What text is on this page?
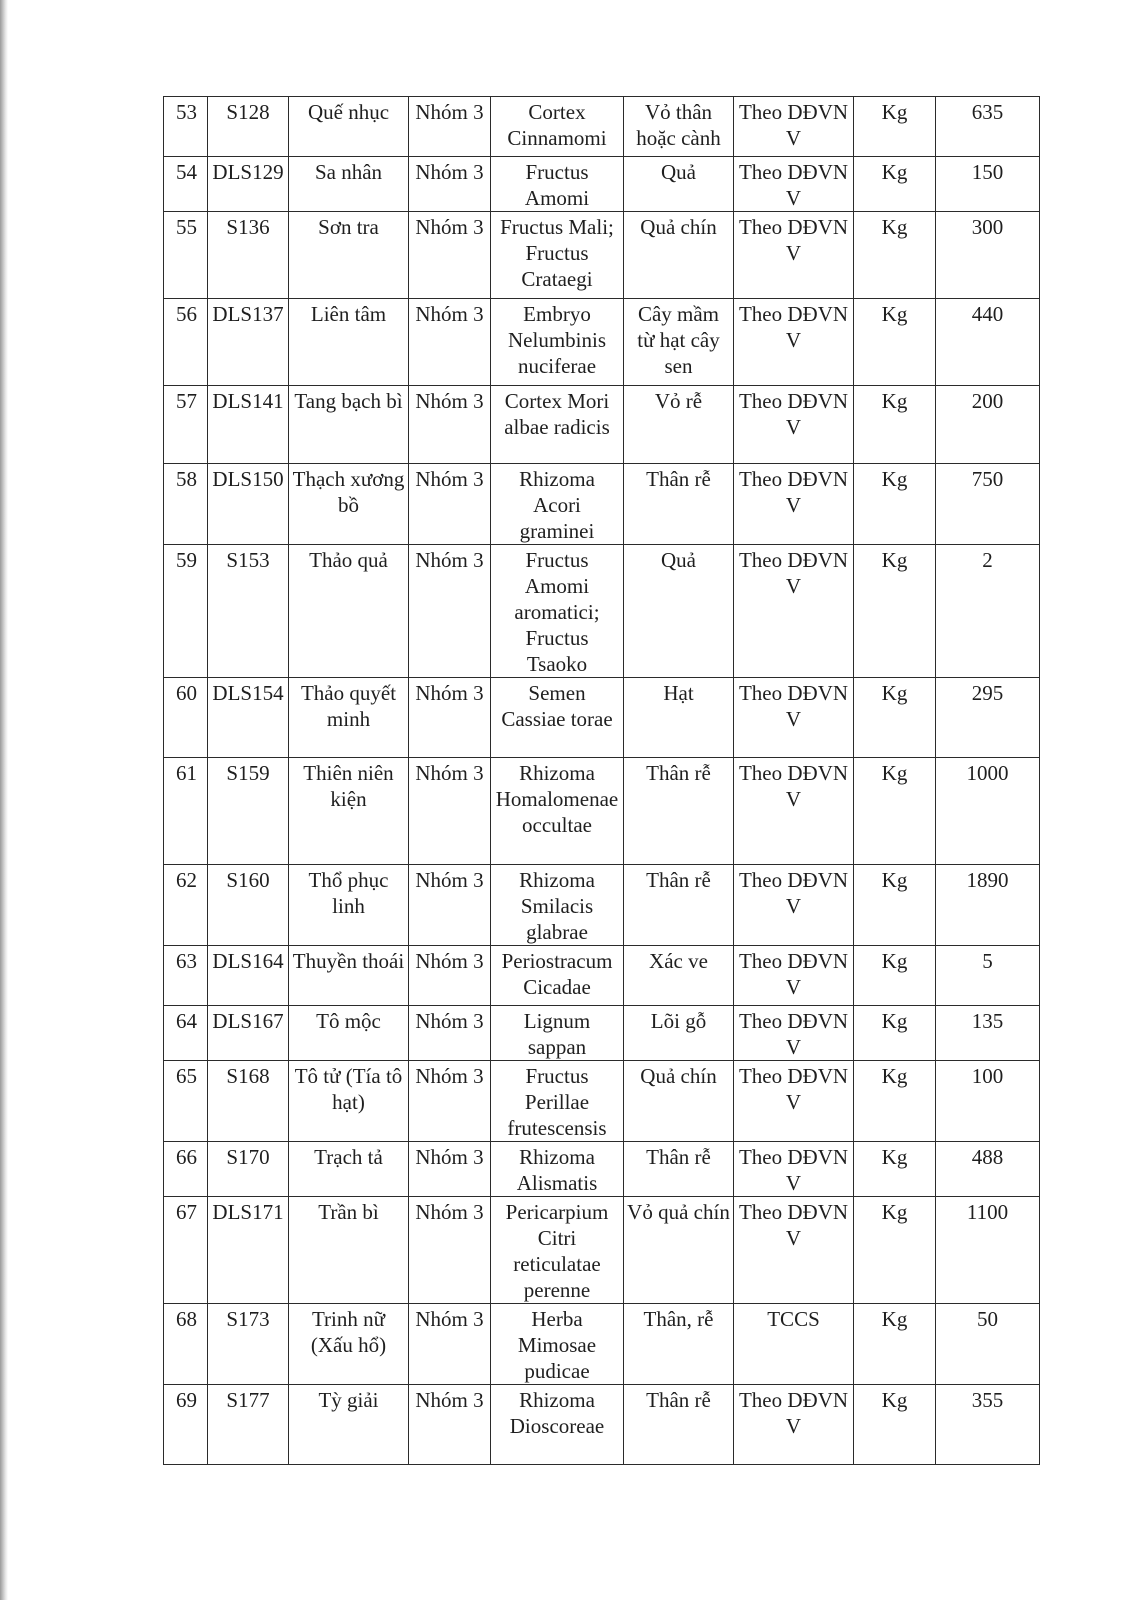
53	S128	Quế nhục	Nhóm 3	Cortex Cinnamomi	Vỏ thân hoặc cành	Theo DĐVN V	Kg	635
54	DLS129	Sa nhân	Nhóm 3	Fructus Amomi	Quả	Theo DĐVN V	Kg	150
55	S136	Sơn tra	Nhóm 3	Fructus Mali; Fructus Crataegi	Quả chín	Theo DĐVN V	Kg	300
56	DLS137	Liên tâm	Nhóm 3	Embryo Nelumbinis nuciferae	Cây mầm từ hạt cây sen	Theo DĐVN V	Kg	440
57	DLS141	Tang bạch bì	Nhóm 3	Cortex Mori albae radicis	Vỏ rễ	Theo DĐVN V	Kg	200
58	DLS150	Thạch xương bồ	Nhóm 3	Rhizoma Acori graminei	Thân rễ	Theo DĐVN V	Kg	750
59	S153	Thảo quả	Nhóm 3	Fructus Amomi aromatici; Fructus Tsaoko	Quả	Theo DĐVN V	Kg	2
60	DLS154	Thảo quyết minh	Nhóm 3	Semen Cassiae torae	Hạt	Theo DĐVN V	Kg	295
61	S159	Thiên niên kiện	Nhóm 3	Rhizoma Homalomenae occultae	Thân rễ	Theo DĐVN V	Kg	1000
62	S160	Thổ phục linh	Nhóm 3	Rhizoma Smilacis glabrae	Thân rễ	Theo DĐVN V	Kg	1890
63	DLS164	Thuyền thoái	Nhóm 3	Periostracum Cicadae	Xác ve	Theo DĐVN V	Kg	5
64	DLS167	Tô mộc	Nhóm 3	Lignum sappan	Lõi gỗ	Theo DĐVN V	Kg	135
65	S168	Tô tử (Tía tô hạt)	Nhóm 3	Fructus Perillae frutescensis	Quả chín	Theo DĐVN V	Kg	100
66	S170	Trạch tả	Nhóm 3	Rhizoma Alismatis	Thân rễ	Theo DĐVN V	Kg	488
67	DLS171	Trần bì	Nhóm 3	Pericarpium Citri reticulatae perenne	Vỏ quả chín	Theo DĐVN V	Kg	1100
68	S173	Trinh nữ (Xấu hổ)	Nhóm 3	Herba Mimosae pudicae	Thân, rễ	TCCS	Kg	50
69	S177	Tỳ giải	Nhóm 3	Rhizoma Dioscoreae	Thân rễ	Theo DĐVN V	Kg	355
